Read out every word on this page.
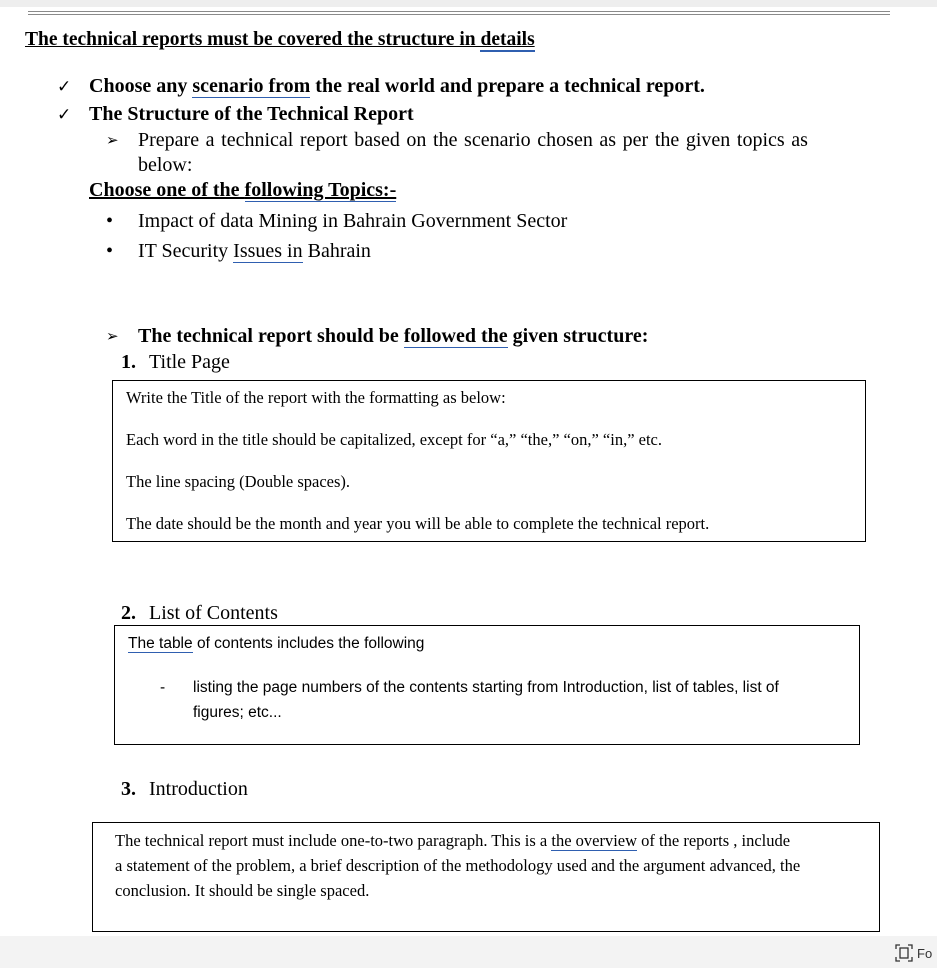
The technical reports must be covered the structure in details
✓ Choose any scenario from the real world and prepare a technical report.
✓ The Structure of the Technical Report
➢ Prepare a technical report based on the scenario chosen as per the given topics as
below:
Choose one of the following Topics:-
• Impact of data Mining in Bahrain Government Sector
• IT Security Issues in Bahrain
➢ The technical report should be followed the given structure:
1. Title Page
Write the Title of the report with the formatting as below:
Each word in the title should be capitalized, except for “a,” “the,” “on,” “in,” etc.
The line spacing (Double spaces).
The date should be the month and year you will be able to complete the technical report.
2. List of Contents
The table of contents includes the following
- listing the page numbers of the contents starting from Introduction, list of tables, list of
figures; etc...
3. Introduction
The technical report must include one-to-two paragraph. This is a the overview of the reports , include
a statement of the problem, a brief description of the methodology used and the argument advanced, the
conclusion. It should be single spaced.
Fo
